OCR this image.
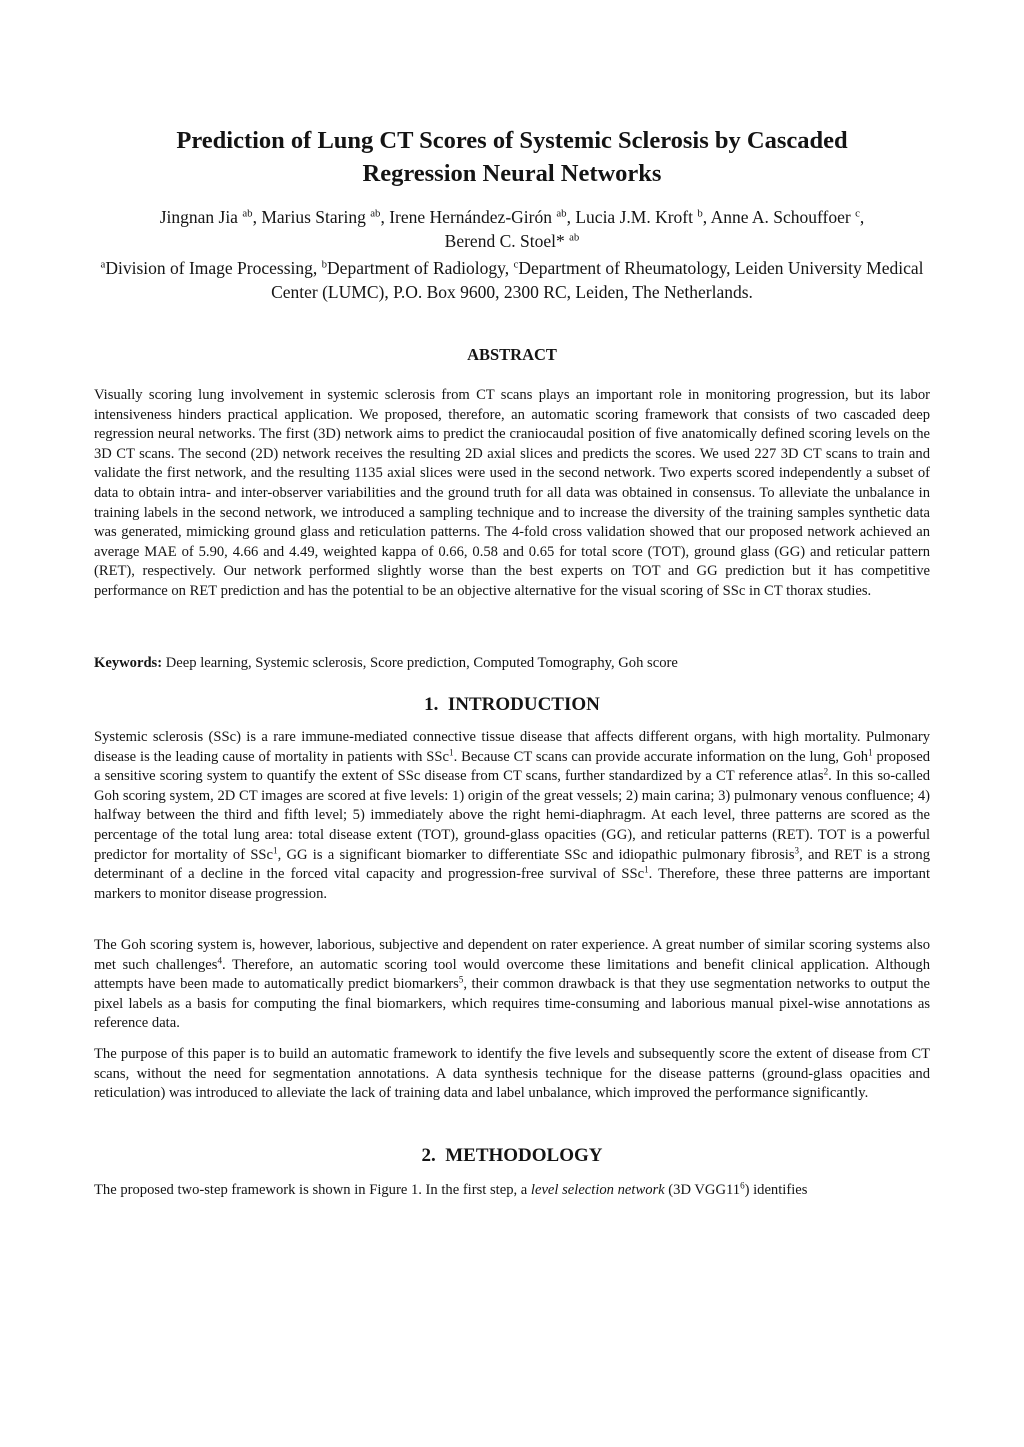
Prediction of Lung CT Scores of Systemic Sclerosis by Cascaded
Regression Neural Networks
Jingnan Jia $^{ab}$, Marius Staring $^{ab}$, Irene Hernández-Girón $^{ab}$, Lucia J.M. Kroft $^b$, Anne A. Schouffoer $^c$,
Berend C. Stoel* $^{ab}$
$^a$Division of Image Processing, $^b$Department of Radiology, $^c$Department of Rheumatology, Leiden University Medical Center (LUMC), P.O. Box 9600, 2300 RC, Leiden, The Netherlands.
ABSTRACT
Visually scoring lung involvement in systemic sclerosis from CT scans plays an important role in monitoring progression, but its labor intensiveness hinders practical application. We proposed, therefore, an automatic scoring framework that consists of two cascaded deep regression neural networks. The first (3D) network aims to predict the craniocaudal position of five anatomically defined scoring levels on the 3D CT scans. The second (2D) network receives the resulting 2D axial slices and predicts the scores. We used 227 3D CT scans to train and validate the first network, and the resulting 1135 axial slices were used in the second network. Two experts scored independently a subset of data to obtain intra- and inter-observer variabilities and the ground truth for all data was obtained in consensus. To alleviate the unbalance in training labels in the second network, we introduced a sampling technique and to increase the diversity of the training samples synthetic data was generated, mimicking ground glass and reticulation patterns. The 4-fold cross validation showed that our proposed network achieved an average MAE of 5.90, 4.66 and 4.49, weighted kappa of 0.66, 0.58 and 0.65 for total score (TOT), ground glass (GG) and reticular pattern (RET), respectively. Our network performed slightly worse than the best experts on TOT and GG prediction but it has competitive performance on RET prediction and has the potential to be an objective alternative for the visual scoring of SSc in CT thorax studies.
Keywords: Deep learning, Systemic sclerosis, Score prediction, Computed Tomography, Goh score
1.  INTRODUCTION
Systemic sclerosis (SSc) is a rare immune-mediated connective tissue disease that affects different organs, with high mortality. Pulmonary disease is the leading cause of mortality in patients with SSc$^1$. Because CT scans can provide accurate information on the lung, Goh$^1$ proposed a sensitive scoring system to quantify the extent of SSc disease from CT scans, further standardized by a CT reference atlas$^2$. In this so-called Goh scoring system, 2D CT images are scored at five levels: 1) origin of the great vessels; 2) main carina; 3) pulmonary venous confluence; 4) halfway between the third and fifth level; 5) immediately above the right hemi-diaphragm. At each level, three patterns are scored as the percentage of the total lung area: total disease extent (TOT), ground-glass opacities (GG), and reticular patterns (RET). TOT is a powerful predictor for mortality of SSc$^1$, GG is a significant biomarker to differentiate SSc and idiopathic pulmonary fibrosis$^3$, and RET is a strong determinant of a decline in the forced vital capacity and progression-free survival of SSc$^1$. Therefore, these three patterns are important markers to monitor disease progression.
The Goh scoring system is, however, laborious, subjective and dependent on rater experience. A great number of similar scoring systems also met such challenges$^4$. Therefore, an automatic scoring tool would overcome these limitations and benefit clinical application. Although attempts have been made to automatically predict biomarkers$^5$, their common drawback is that they use segmentation networks to output the pixel labels as a basis for computing the final biomarkers, which requires time-consuming and laborious manual pixel-wise annotations as reference data.
The purpose of this paper is to build an automatic framework to identify the five levels and subsequently score the extent of disease from CT scans, without the need for segmentation annotations. A data synthesis technique for the disease patterns (ground-glass opacities and reticulation) was introduced to alleviate the lack of training data and label unbalance, which improved the performance significantly.
2.  METHODOLOGY
The proposed two-step framework is shown in Figure 1. In the first step, a level selection network (3D $VGG11^6$) identifies
